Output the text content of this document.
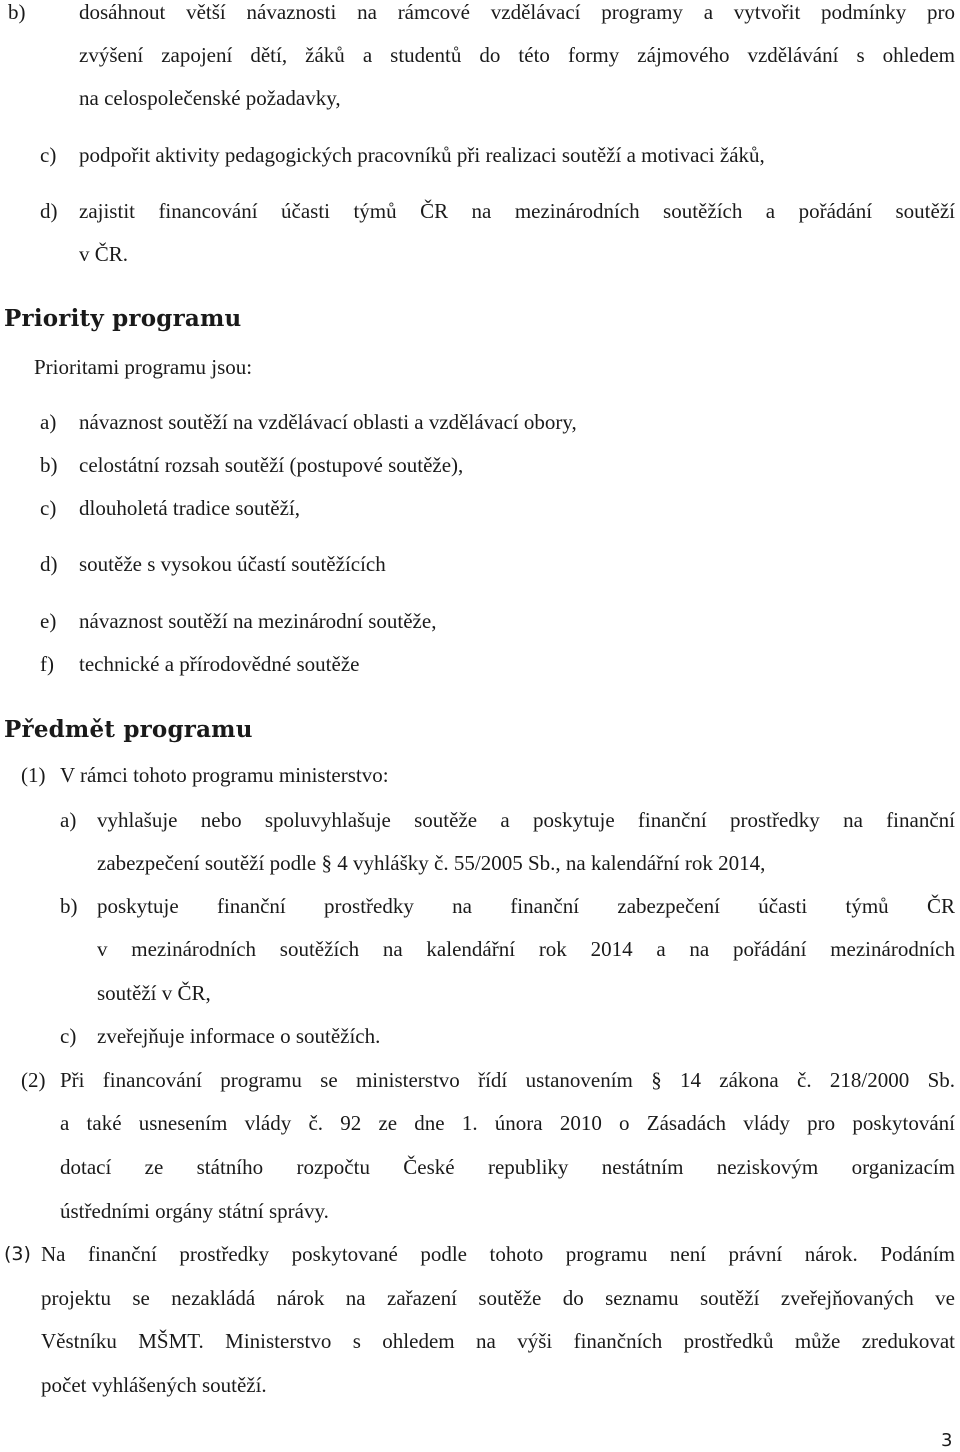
b)	dosáhnout větší návaznosti na rámcové vzdělávací programy a vytvořit podmínky pro
zvýšení zapojení dětí, žáků a studentů do této formy zájmového vzdělávání s ohledem
na celospolečenské požadavky,
c) podpořit aktivity pedagogických pracovníků při realizaci soutěží a motivaci žáků,
d) zajistit financování účasti týmů ČR na mezinárodních soutěžích a pořádání soutěží
v ČR.
Priority programu
Prioritami programu jsou:
a) návaznost soutěží na vzdělávací oblasti a vzdělávací obory,
b) celostátní rozsah soutěží (postupové soutěže),
c) dlouholetá tradice soutěží,
d) soutěže s vysokou účastí soutěžících
e) návaznost soutěží na mezinárodní soutěže,
f) technické a přírodovědné soutěže
Předmět programu
(1) V rámci tohoto programu ministerstvo:
a) vyhlašuje nebo spoluvyhlašuje soutěže a poskytuje finanční prostředky na finanční
zabezpečení soutěží podle § 4 vyhlášky č. 55/2005 Sb., na kalendářní rok 2014,
b) poskytuje finanční prostředky na finanční zabezpečení účasti týmů ČR
v mezinárodních soutěžích na kalendářní rok 2014 a na pořádání mezinárodních
soutěží v ČR,
c) zveřejňuje informace o soutěžích.
(2) Při financování programu se ministerstvo řídí ustanovením § 14 zákona č. 218/2000 Sb.
a také usnesením vlády č. 92 ze dne 1. února 2010 o Zásadách vlády pro poskytování
dotací ze státního rozpočtu České republiky nestátním neziskovým organizacím
ústředními orgány státní správy.
(3) Na finanční prostředky poskytované podle tohoto programu není právní nárok. Podáním
projektu se nezakládá nárok na zařazení soutěže do seznamu soutěží zveřejňovaných ve
Věstníku MŠMT. Ministerstvo s ohledem na výši finančních prostředků může zredukovat
počet vyhlášených soutěží.
3
